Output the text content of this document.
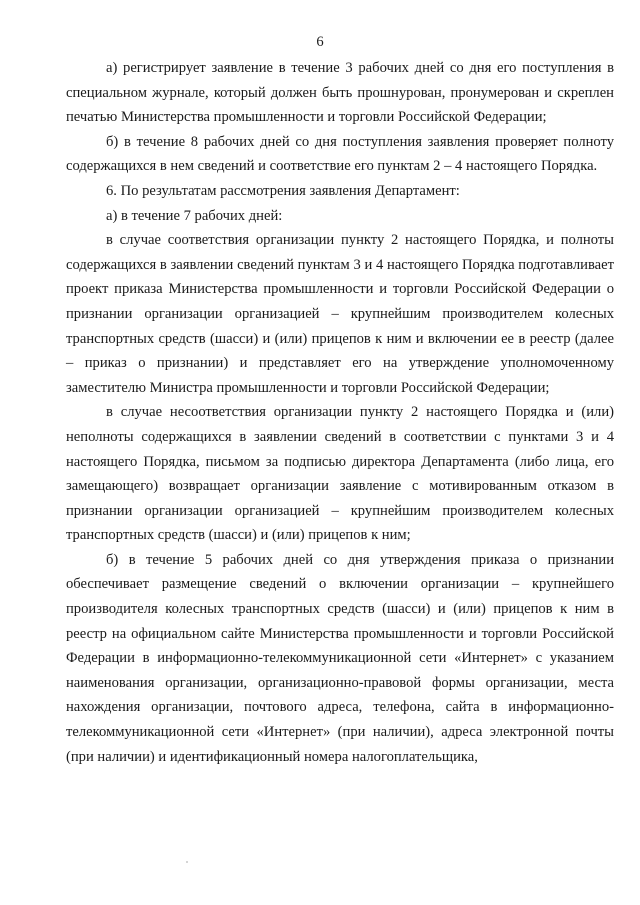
6

а) регистрирует заявление в течение 3 рабочих дней со дня его поступления в специальном журнале, который должен быть прошнурован, пронумерован и скреплен печатью Министерства промышленности и торговли Российской Федерации;

б) в течение 8 рабочих дней со дня поступления заявления проверяет полноту содержащихся в нем сведений и соответствие его пунктам 2 – 4 настоящего Порядка.

6. По результатам рассмотрения заявления Департамент:

а) в течение 7 рабочих дней:

в случае соответствия организации пункту 2 настоящего Порядка, и полноты содержащихся в заявлении сведений пунктам 3 и 4 настоящего Порядка подготавливает проект приказа Министерства промышленности и торговли Российской Федерации о признании организации организацией – крупнейшим производителем колесных транспортных средств (шасси) и (или) прицепов к ним и включении ее в реестр (далее – приказ о признании) и представляет его на утверждение уполномоченному заместителю Министра промышленности и торговли Российской Федерации;

в случае несоответствия организации пункту 2 настоящего Порядка и (или) неполноты содержащихся в заявлении сведений в соответствии с пунктами 3 и 4 настоящего Порядка, письмом за подписью директора Департамента (либо лица, его замещающего) возвращает организации заявление с мотивированным отказом в признании организации организацией – крупнейшим производителем колесных транспортных средств (шасси) и (или) прицепов к ним;

б) в течение 5 рабочих дней со дня утверждения приказа о признании обеспечивает размещение сведений о включении организации – крупнейшего производителя колесных транспортных средств (шасси) и (или) прицепов к ним в реестр на официальном сайте Министерства промышленности и торговли Российской Федерации в информационно-телекоммуникационной сети «Интернет» с указанием наименования организации, организационно-правовой формы организации, места нахождения организации, почтового адреса, телефона, сайта в информационно-телекоммуникационной сети «Интернет» (при наличии), адреса электронной почты (при наличии) и идентификационный номера налогоплательщика,
